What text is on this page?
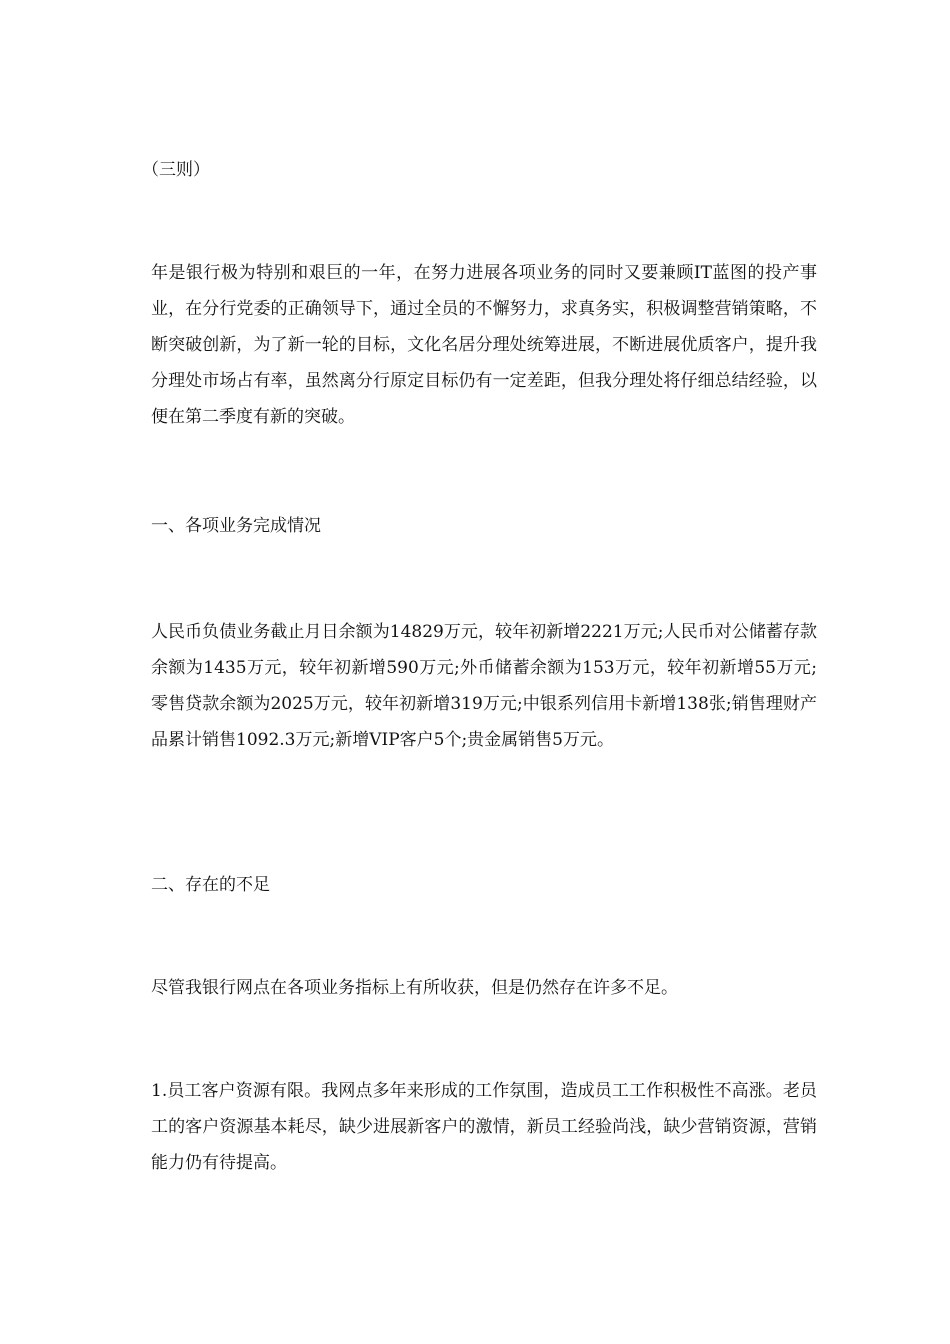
（三则）
年是银行极为特别和艰巨的一年，在努力进展各项业务的同时又要兼顾IT蓝图的投产事业，在分行党委的正确领导下，通过全员的不懈努力，求真务实，积极调整营销策略，不断突破创新，为了新一轮的目标，文化名居分理处统筹进展，不断进展优质客户，提升我分理处市场占有率，虽然离分行原定目标仍有一定差距，但我分理处将仔细总结经验，以便在第二季度有新的突破。
一、各项业务完成情况
人民币负债业务截止月日余额为14829万元，较年初新增2221万元;人民币对公储蓄存款余额为1435万元，较年初新增590万元;外币储蓄余额为153万元，较年初新增55万元;零售贷款余额为2025万元，较年初新增319万元;中银系列信用卡新增138张;销售理财产品累计销售1092.3万元;新增VIP客户5个;贵金属销售5万元。
二、存在的不足
尽管我银行网点在各项业务指标上有所收获，但是仍然存在许多不足。
1.员工客户资源有限。我网点多年来形成的工作氛围，造成员工工作积极性不高涨。老员工的客户资源基本耗尽，缺少进展新客户的激情，新员工经验尚浅，缺少营销资源，营销能力仍有待提高。
